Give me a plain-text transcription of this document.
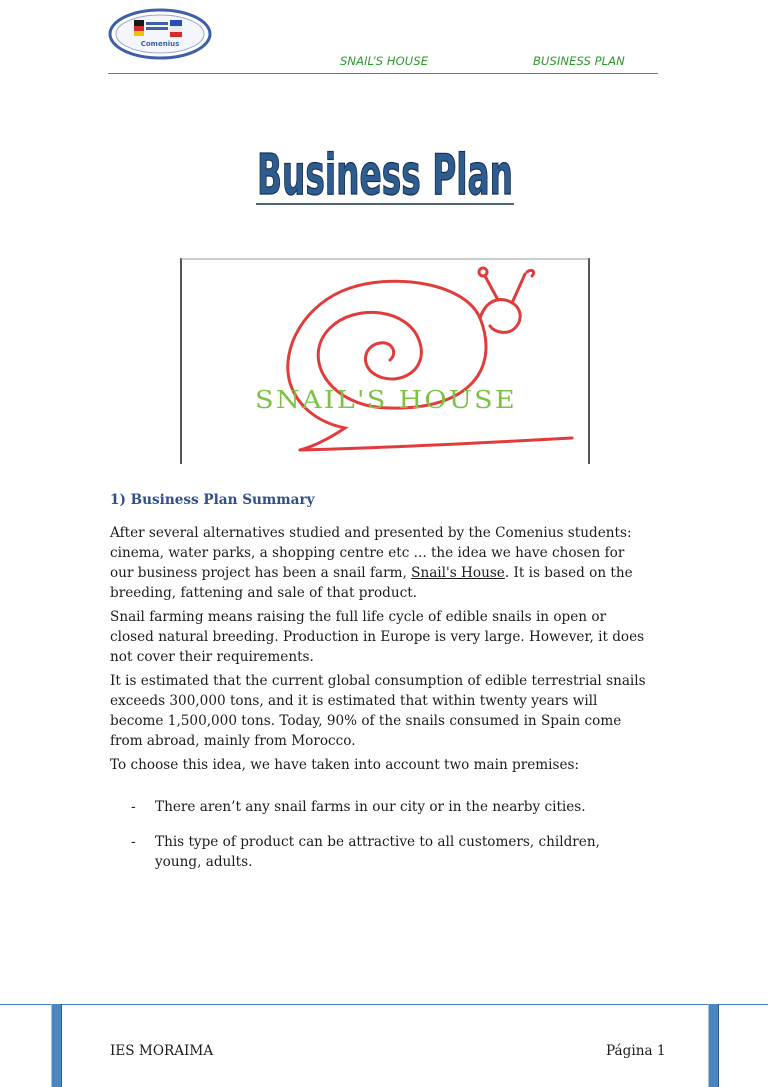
Comenius
SNAIL’S HOUSE	BUSINESS PLAN
Business Plan
SNAIL'S HOUSE
1) Business Plan Summary

After several alternatives studied and presented by the Comenius students: cinema, water parks, a shopping centre etc ... the idea we have chosen for our business project has been a snail farm, Snail's House. It is based on the breeding, fattening and sale of that product.

Snail farming means raising the full life cycle of edible snails in open or closed natural breeding. Production in Europe is very large. However, it does not cover their requirements.

It is estimated that the current global consumption of edible terrestrial snails exceeds 300,000 tons, and it is estimated that within twenty years will become 1,500,000 tons. Today, 90% of the snails consumed in Spain come from abroad, mainly from Morocco.

To choose this idea, we have taken into account two main premises:

- There aren’t any snail farms in our city or in the nearby cities.
- This type of product can be attractive to all customers, children, young, adults.
IES MORAIMA	Página 1
